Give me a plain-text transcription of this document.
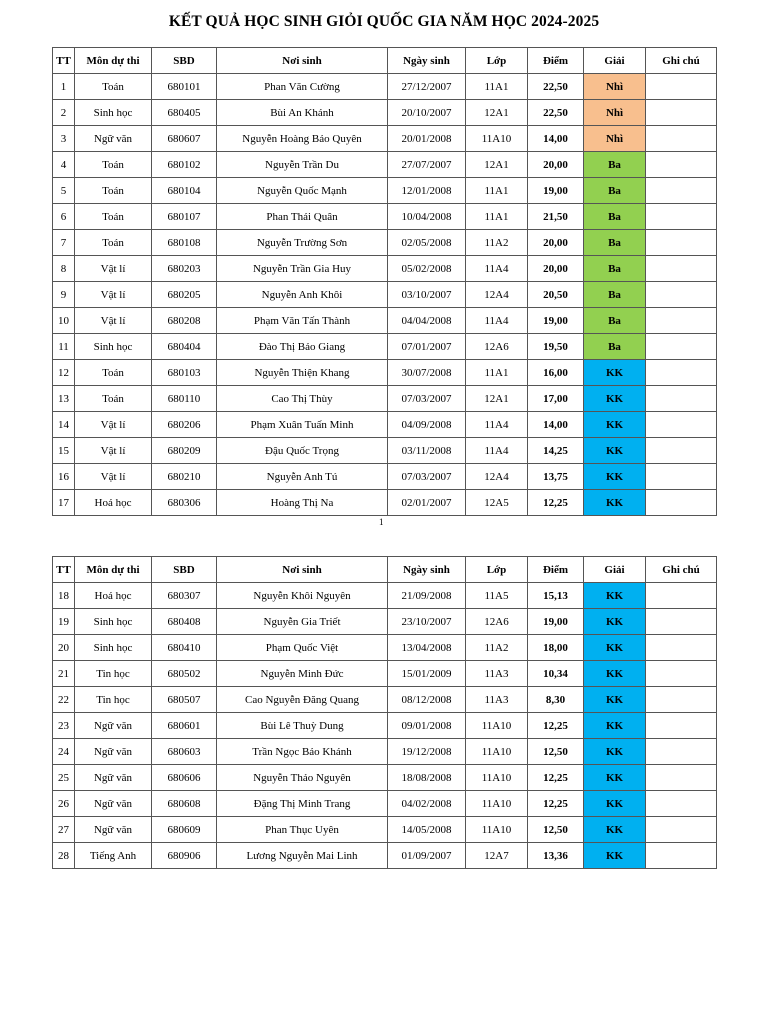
KẾT QUẢ HỌC SINH GIỎI QUỐC GIA NĂM HỌC 2024-2025
TT	Môn dự thi	SBD	Nơi sinh	Ngày sinh	Lớp	Điểm	Giải	Ghi chú
1	Toán	680101	Phan Văn Cường	27/12/2007	11A1	22,50	Nhì	
2	Sinh học	680405	Bùi An Khánh	20/10/2007	12A1	22,50	Nhì	
3	Ngữ văn	680607	Nguyễn Hoàng Bảo Quyên	20/01/2008	11A10	14,00	Nhì	
4	Toán	680102	Nguyễn Trần Du	27/07/2007	12A1	20,00	Ba	
5	Toán	680104	Nguyễn Quốc Mạnh	12/01/2008	11A1	19,00	Ba	
6	Toán	680107	Phan Thái Quân	10/04/2008	11A1	21,50	Ba	
7	Toán	680108	Nguyễn Trường Sơn	02/05/2008	11A2	20,00	Ba	
8	Vật lí	680203	Nguyễn Trần Gia Huy	05/02/2008	11A4	20,00	Ba	
9	Vật lí	680205	Nguyễn Anh Khôi	03/10/2007	12A4	20,50	Ba	
10	Vật lí	680208	Phạm Văn Tấn Thành	04/04/2008	11A4	19,00	Ba	
11	Sinh học	680404	Đào Thị Bảo Giang	07/01/2007	12A6	19,50	Ba	
12	Toán	680103	Nguyễn Thiện Khang	30/07/2008	11A1	16,00	KK	
13	Toán	680110	Cao Thị Thùy	07/03/2007	12A1	17,00	KK	
14	Vật lí	680206	Phạm Xuân Tuấn Minh	04/09/2008	11A4	14,00	KK	
15	Vật lí	680209	Đậu Quốc Trọng	03/11/2008	11A4	14,25	KK	
16	Vật lí	680210	Nguyễn Anh Tú	07/03/2007	12A4	13,75	KK	
17	Hoá học	680306	Hoàng Thị Na	02/01/2007	12A5	12,25	KK	
1
TT	Môn dự thi	SBD	Nơi sinh	Ngày sinh	Lớp	Điểm	Giải	Ghi chú
18	Hoá học	680307	Nguyễn Khôi Nguyên	21/09/2008	11A5	15,13	KK	
19	Sinh học	680408	Nguyễn Gia Triết	23/10/2007	12A6	19,00	KK	
20	Sinh học	680410	Phạm Quốc Việt	13/04/2008	11A2	18,00	KK	
21	Tin học	680502	Nguyễn Minh Đức	15/01/2009	11A3	10,34	KK	
22	Tin học	680507	Cao Nguyễn Đăng Quang	08/12/2008	11A3	8,30	KK	
23	Ngữ văn	680601	Bùi Lê Thuỳ Dung	09/01/2008	11A10	12,25	KK	
24	Ngữ văn	680603	Trần Ngọc Bảo Khánh	19/12/2008	11A10	12,50	KK	
25	Ngữ văn	680606	Nguyễn Thảo Nguyên	18/08/2008	11A10	12,25	KK	
26	Ngữ văn	680608	Đặng Thị Minh Trang	04/02/2008	11A10	12,25	KK	
27	Ngữ văn	680609	Phan Thục Uyên	14/05/2008	11A10	12,50	KK	
28	Tiếng Anh	680906	Lương Nguyễn Mai Linh	01/09/2007	12A7	13,36	KK	
